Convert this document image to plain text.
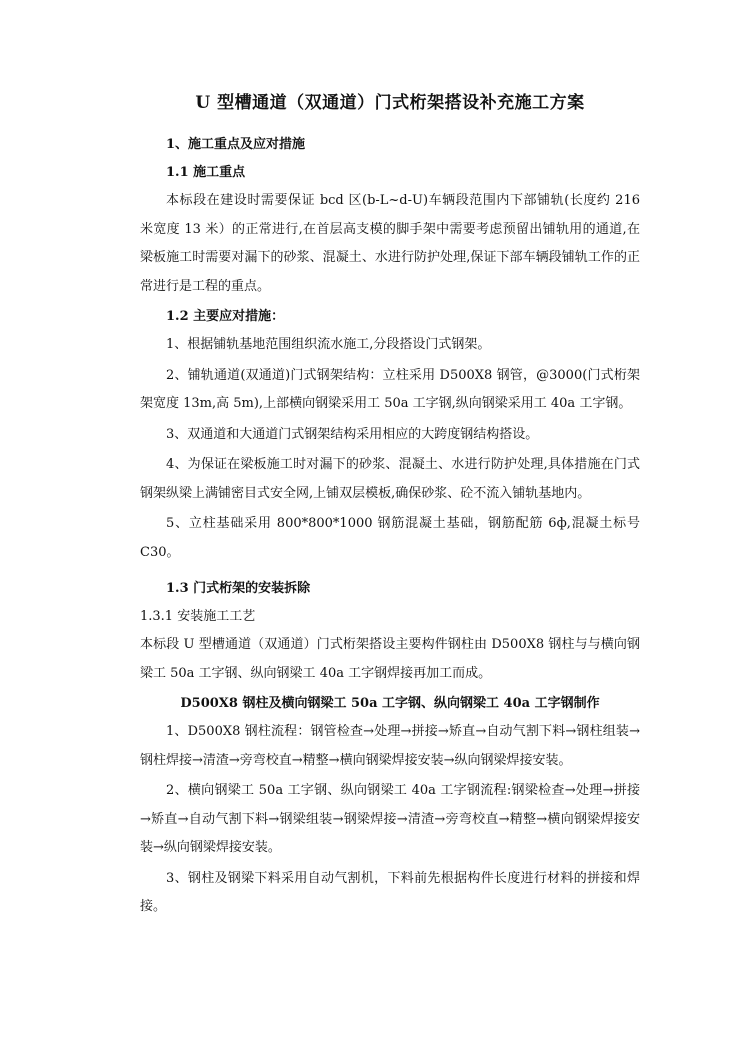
U 型槽通道（双通道）门式桁架搭设补充施工方案
1、施工重点及应对措施
1.1 施工重点

本标段在建设时需要保证 bcd 区(b-L~d-U)车辆段范围内下部铺轨(长度约 216 米宽度 13 米）的正常进行,在首层高支模的脚手架中需要考虑预留出铺轨用的通道,在梁板施工时需要对漏下的砂浆、混凝土、水进行防护处理,保证下部车辆段铺轨工作的正常进行是工程的重点。

1.2 主要应对措施：

1、根据铺轨基地范围组织流水施工,分段搭设门式钢架。

2、铺轨通道(双通道)门式钢架结构：立柱采用 D500X8 钢管，@3000(门式桁架架宽度 13m,高 5m),上部横向钢梁采用工 50a 工字钢,纵向钢梁采用工 40a 工字钢。

3、双通道和大通道门式钢架结构采用相应的大跨度钢结构搭设。

4、为保证在梁板施工时对漏下的砂浆、混凝土、水进行防护处理,具体措施在门式钢架纵梁上满铺密目式安全网,上铺双层模板,确保砂浆、砼不流入铺轨基地内。

5、立柱基础采用 800*800*1000 钢筋混凝土基础，钢筋配筋 6ф,混凝土标号 C30。

1.3 门式桁架的安装拆除
1.3.1 安装施工工艺

本标段 U 型槽通道（双通道）门式桁架搭设主要构件钢柱由 D500X8 钢柱与与横向钢梁工 50a 工字钢、纵向钢梁工 40a 工字钢焊接再加工而成。

D500X8 钢柱及横向钢梁工 50a 工字钢、纵向钢梁工 40a 工字钢制作

1、D500X8 钢柱流程：钢管检查→处理→拼接→矫直→自动气割下料→钢柱组装→钢柱焊接→清渣→旁弯校直→精整→横向钢梁焊接安装→纵向钢梁焊接安装。

2、横向钢梁工 50a 工字钢、纵向钢梁工 40a 工字钢流程:钢梁检查→处理→拼接→矫直→自动气割下料→钢梁组装→钢梁焊接→清渣→旁弯校直→精整→横向钢梁焊接安装→纵向钢梁焊接安装。

3、钢柱及钢梁下料采用自动气割机，下料前先根据构件长度进行材料的拼接和焊接。
